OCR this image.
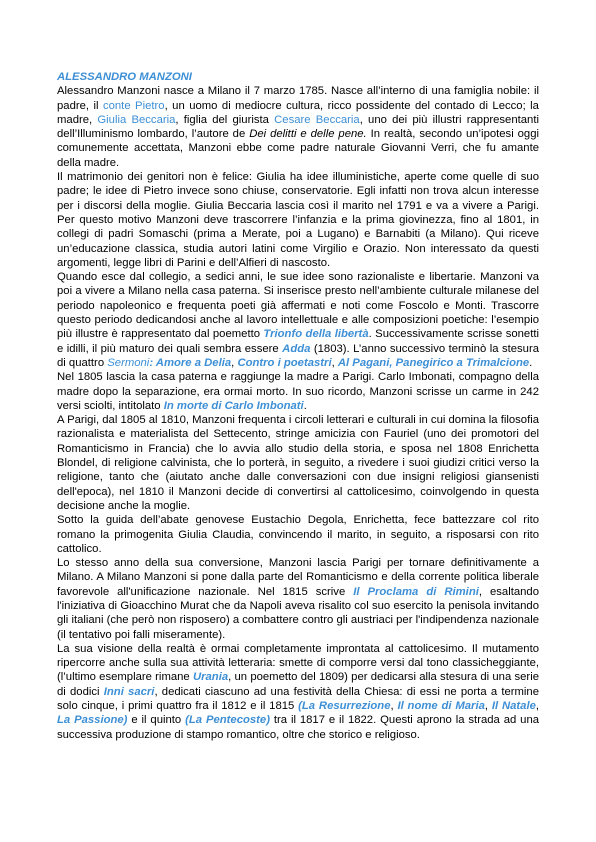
ALESSANDRO MANZONI

Alessandro Manzoni nasce a Milano il 7 marzo 1785. Nasce all’interno di una famiglia nobile: il padre, il conte Pietro, un uomo di mediocre cultura, ricco possidente del contado di Lecco; la madre, Giulia Beccaria, figlia del giurista Cesare Beccaria, uno dei più illustri rappresentanti dell’Illuminismo lombardo, l’autore de Dei delitti e delle pene. In realtà, secondo un’ipotesi oggi comunemente accettata, Manzoni ebbe come padre naturale Giovanni Verri, che fu amante della madre.

Il matrimonio dei genitori non è felice: Giulia ha idee illuministiche, aperte come quelle di suo padre; le idee di Pietro invece sono chiuse, conservatorie. Egli infatti non trova alcun interesse per i discorsi della moglie. Giulia Beccaria lascia così il marito nel 1791 e va a vivere a Parigi. Per questo motivo Manzoni deve trascorrere l’infanzia e la prima giovinezza, fino al 1801, in collegi di padri Somaschi (prima a Merate, poi a Lugano) e Barnabiti (a Milano). Qui riceve un’educazione classica, studia autori latini come Virgilio e Orazio. Non interessato da questi argomenti, legge libri di Parini e dell’Alfieri di nascosto.

Quando esce dal collegio, a sedici anni, le sue idee sono razionaliste e libertarie. Manzoni va poi a vivere a Milano nella casa paterna. Si inserisce presto nell’ambiente culturale milanese del periodo napoleonico e frequenta poeti già affermati e noti come Foscolo e Monti. Trascorre questo periodo dedicandosi anche al lavoro intellettuale e alle composizioni poetiche: l’esempio più illustre è rappresentato dal poemetto Trionfo della libertà. Successivamente scrisse sonetti e idilli, il più maturo dei quali sembra essere Adda (1803). L’anno successivo terminò la stesura di quattro Sermoni: Amore a Delia, Contro i poetastri, Al Pagani, Panegirico a Trimalcione.

Nel 1805 lascia la casa paterna e raggiunge la madre a Parigi. Carlo Imbonati, compagno della madre dopo la separazione, era ormai morto. In suo ricordo, Manzoni scrisse un carme in 242 versi sciolti, intitolato In morte di Carlo Imbonati.

A Parigi, dal 1805 al 1810, Manzoni frequenta i circoli letterari e culturali in cui domina la filosofia razionalista e materialista del Settecento, stringe amicizia con Fauriel (uno dei promotori del Romanticismo in Francia) che lo avvia allo studio della storia, e sposa nel 1808 Enrichetta Blondel, di religione calvinista, che lo porterà, in seguito, a rivedere i suoi giudizi critici verso la religione, tanto che (aiutato anche dalle conversazioni con due insigni religiosi giansenisti dell'epoca), nel 1810 il Manzoni decide di convertirsi al cattolicesimo, coinvolgendo in questa decisione anche la moglie.

Sotto la guida dell’abate genovese Eustachio Degola, Enrichetta, fece battezzare col rito romano la primogenita Giulia Claudia, convincendo il marito, in seguito, a risposarsi con rito cattolico.

Lo stesso anno della sua conversione, Manzoni lascia Parigi per tornare definitivamente a Milano. A Milano Manzoni si pone dalla parte del Romanticismo e della corrente politica liberale favorevole all'unificazione nazionale. Nel 1815 scrive Il Proclama di Rimini, esaltando l'iniziativa di Gioacchino Murat che da Napoli aveva risalito col suo esercito la penisola invitando gli italiani (che però non risposero) a combattere contro gli austriaci per l'indipendenza nazionale (il tentativo poi falli miseramente).

La sua visione della realtà è ormai completamente improntata al cattolicesimo. Il mutamento ripercorre anche sulla sua attività letteraria: smette di comporre versi dal tono classicheggiante, (l’ultimo esemplare rimane Urania, un poemetto del 1809) per dedicarsi alla stesura di una serie di dodici Inni sacri, dedicati ciascuno ad una festività della Chiesa: di essi ne porta a termine solo cinque, i primi quattro fra il 1812 e il 1815 (La Resurrezione, Il nome di Maria, Il Natale, La Passione) e il quinto (La Pentecoste) tra il 1817 e il 1822. Questi aprono la strada ad una successiva produzione di stampo romantico, oltre che storico e religioso.
